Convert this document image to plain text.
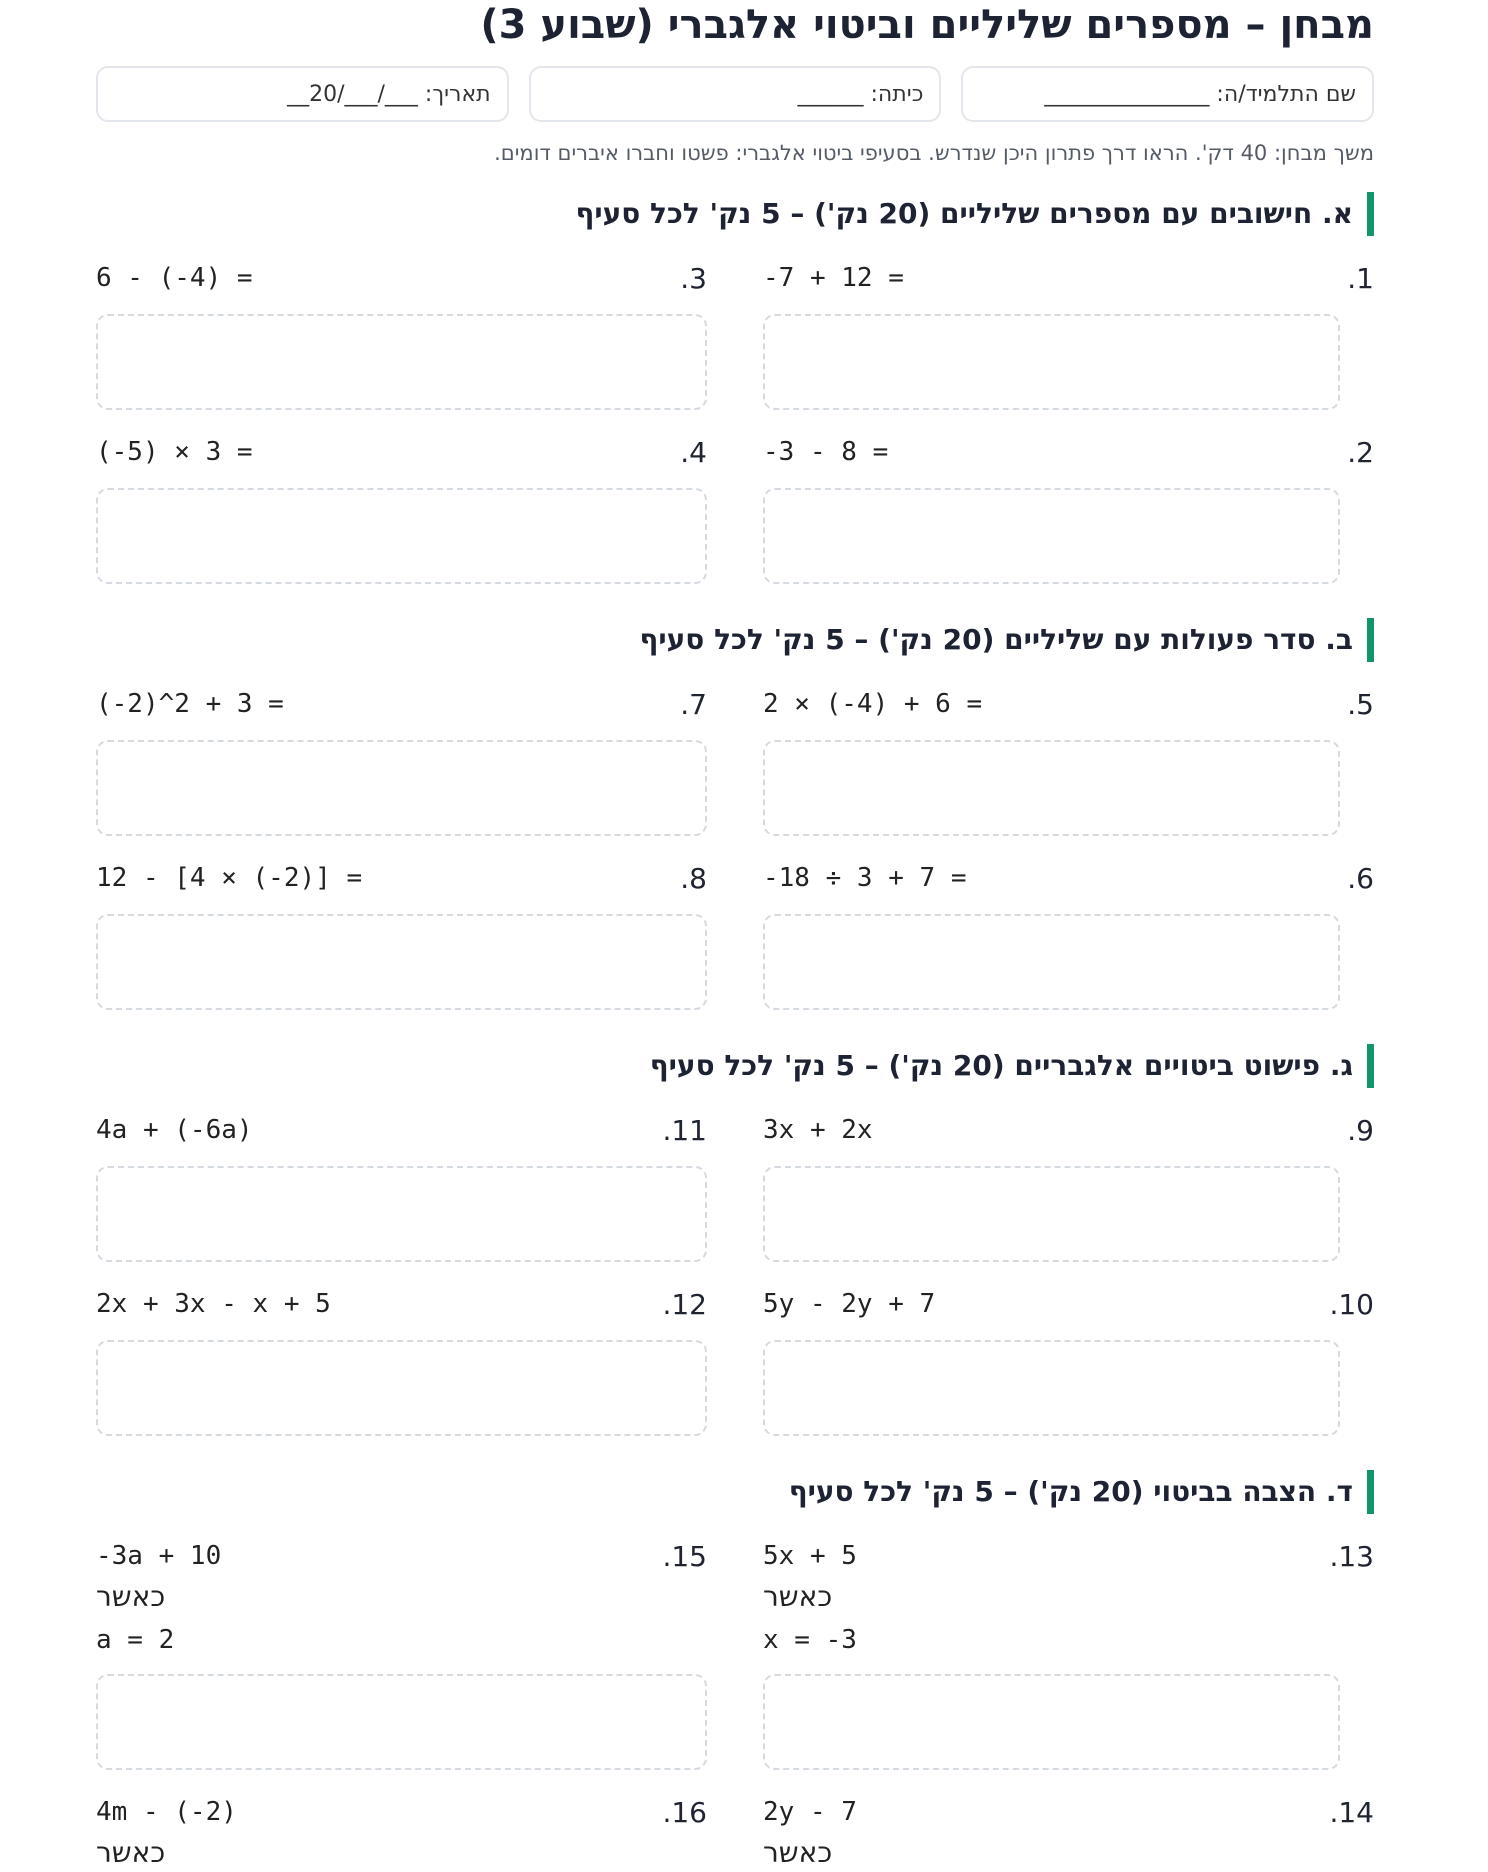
מבחן – מספרים שליליים וביטוי אלגברי (שבוע 3)
שם התלמיד/ה: _______________
כיתה: ______
תאריך: ___/___/20__
משך מבחן: 40 דק'. הראו דרך פתרון היכן שנדרש. בסעיפי ביטוי אלגברי: פשטו וחברו איברים דומים.
א. חישובים עם מספרים שליליים (20 נק') – 5 נק' לכל סעיף
1.
-7 + 12 =
3.
6 - (-4) =
2.
-3 - 8 =
4.
(-5) × 3 =
ב. סדר פעולות עם שליליים (20 נק') – 5 נק' לכל סעיף
5.
2 × (-4) + 6 =
7.
(-2)^2 + 3 =
6.
-18 ÷ 3 + 7 =
8.
12 - [4 × (-2)] =
ג. פישוט ביטויים אלגבריים (20 נק') – 5 נק' לכל סעיף
9.
3x + 2x
11.
4a + (-6a)
10.
5y - 2y + 7
12.
2x + 3x - x + 5
ד. הצבה בביטוי (20 נק') – 5 נק' לכל סעיף
13.
5x + 5
כאשר
x = -3
15.
-3a + 10
כאשר
a = 2
14.
2y - 7
כאשר
16.
4m - (-2)
כאשר
